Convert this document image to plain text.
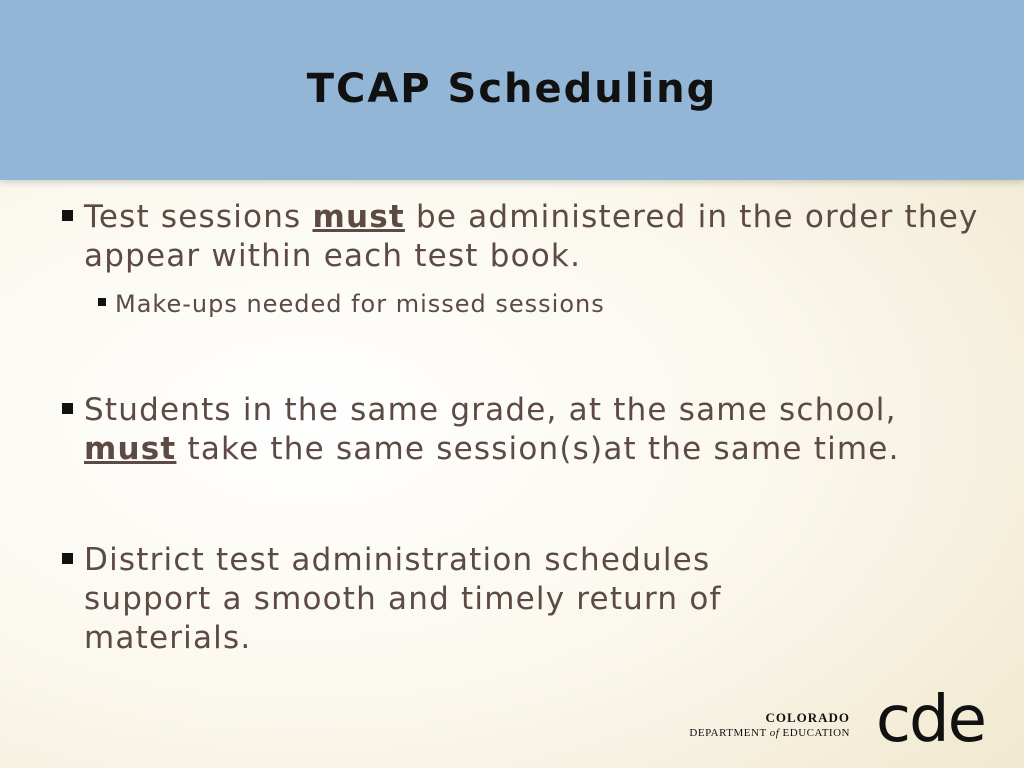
TCAP Scheduling
Test sessions must be administered in the order they appear within each test book.
Make-ups needed for missed sessions
Students in the same grade, at the same school, must take the same session(s)at the same time.
District test administration schedules support a smooth and timely return of materials.
COLORADO
DEPARTMENT of EDUCATION cde
